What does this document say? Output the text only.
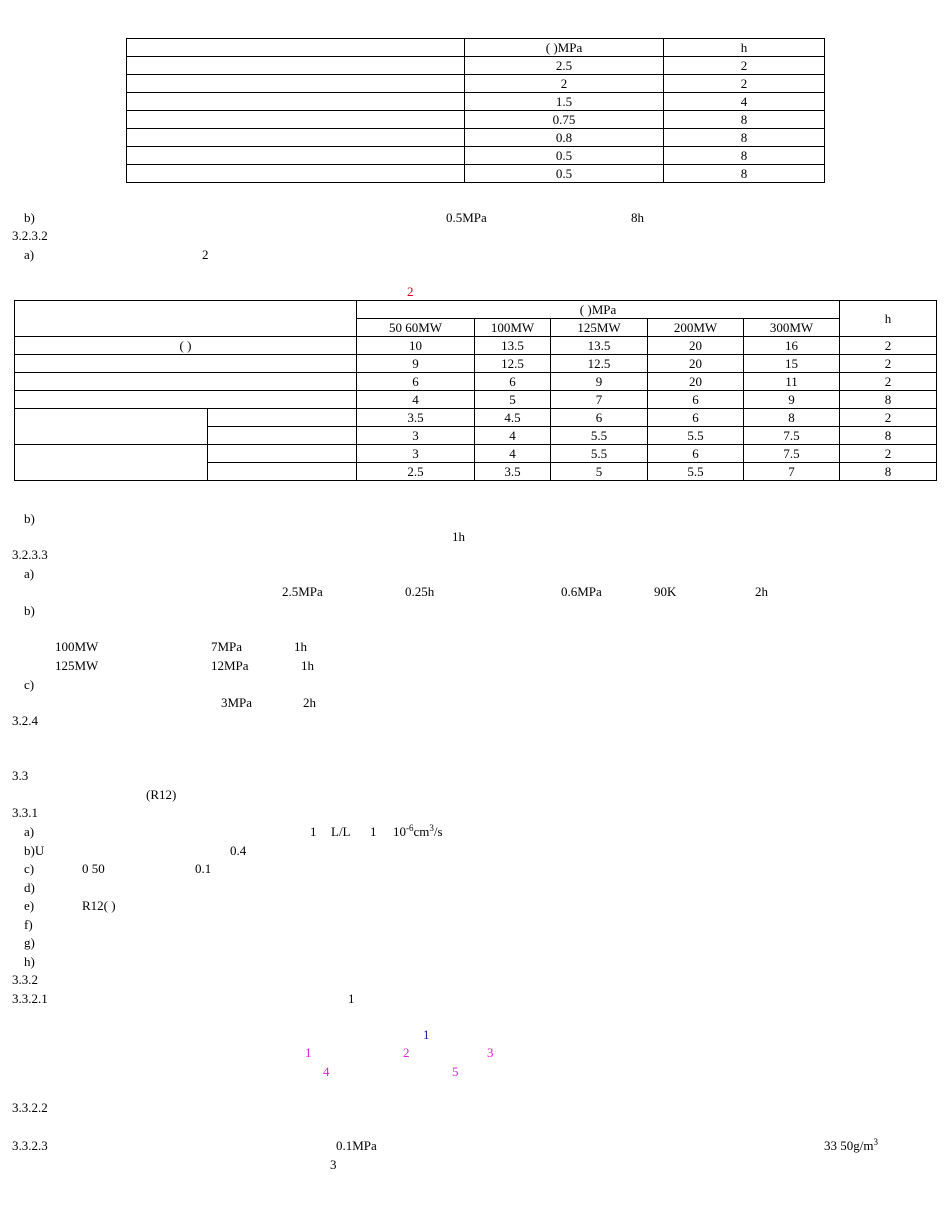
	( )MPa	h
	2.5	2
	2	2
	1.5	4
	0.75	8
	0.8	8
	0.5	8
	0.5	8
b)	0.5MPa	8h
3.2.3.2
a)	2
2
		( )MPa					h
		50 60MW	100MW	125MW	200MW	300MW	
( )		10	13.5	13.5	20	16	2
		9	12.5	12.5	20	15	2
		6	6	9	20	11	2
		4	5	7	6	9	8
		3.5	4.5	6	6	8	2
		3	4	5.5	5.5	7.5	8
		3	4	5.5	6	7.5	2
		2.5	3.5	5	5.5	7	8
b)
1h
3.2.3.3
a)
2.5MPa	0.25h	0.6MPa	90K	2h
b)
100MW	7MPa	1h
125MW	12MPa	1h
c)
3MPa	2h
3.2.4
3.3
(R12)
3.3.1
a)	1 L/L 1 $10^{-6}cm^3/s$
b)U	0.4
c)	0 50	0.1
d)
e)	R12( )
f)
g)
h)
3.3.2
3.3.2.1	1
1
1	2	3
4	5
3.3.2.2
3.3.2.3	0.1MPa	33 $50g/m^3$
3
